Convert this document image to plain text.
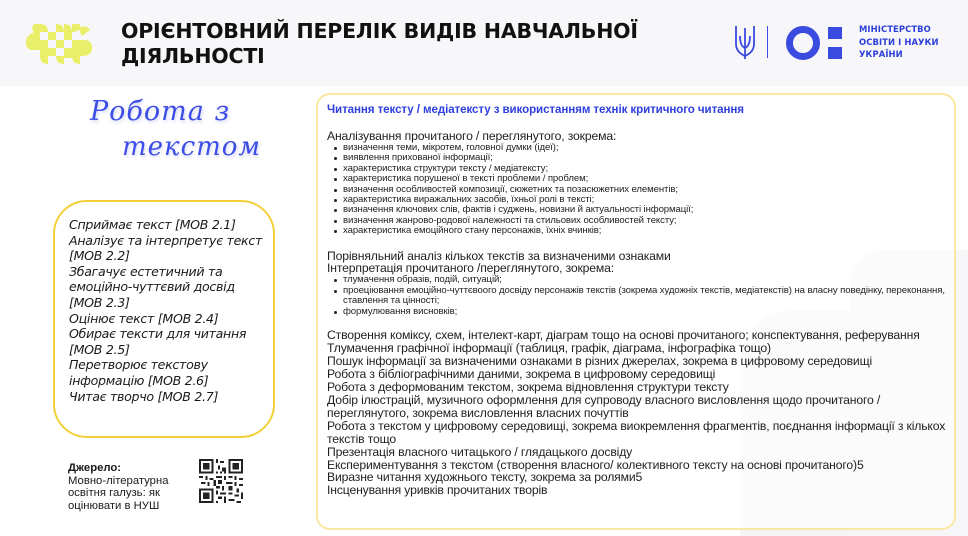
ОРІЄНТОВНИЙ ПЕРЕЛІК ВИДІВ НАВЧАЛЬНОЇ ДІЯЛЬНОСТІ
МІНІСТЕРСТВО
ОСВІТИ І НАУКИ
УКРАЇНИ
Робота з
текстом
Сприймає текст [МОВ 2.1]
Аналізує та інтерпретує текст [МОВ 2.2]
Збагачує естетичний та емоційно-чуттєвий досвід [МОВ 2.3]
Оцінює текст [МОВ 2.4]
Обирає тексти для читання [МОВ 2.5]
Перетворює текстову інформацію [МОВ 2.6]
Читає творчо [МОВ 2.7]
Джерело:
Мовно-літературна освітня галузь: як оцінювати в НУШ
Читання тексту / медіатексту з використанням технік критичного читання
Аналізування прочитаного / переглянутого, зокрема:
визначення теми, мікротем, головної думки (ідеї);
виявлення прихованої інформації;
характеристика структури тексту / медіатексту;
характеристика порушеної в тексті проблеми / проблем;
визначення особливостей композиції, сюжетних та позасюжетних елементів;
характеристика виражальних засобів, їхньої ролі в тексті;
визначення ключових слів, фактів і суджень, новизни й актуальності інформації;
визначення жанрово-родової належності та стильових особливостей тексту;
характеристика емоційного стану персонажів, їхніх вчинків;
Порівняльний аналіз кількох текстів за визначеними ознаками
Інтерпретація прочитаного /переглянутого, зокрема:
тлумачення образів, подій, ситуацій;
проеціювання емоційно-чуттєвоого досвіду персонажів текстів (зокрема художніх текстів, медіатекстів) на власну поведінку, переконання, ставлення та цінності;
формулювання висновків;
Створення коміксу, схем, інтелект-карт, діаграм тощо на основі прочитаного; конспектування, реферування
Тлумачення графічної інформації (таблиця, графік, діаграма, інфографіка тощо)
Пошук інформації за визначеними ознаками в різних джерелах, зокрема в цифровому середовищі
Робота з бібліографічними даними, зокрема в цифровому середовищі
Робота з деформованим текстом, зокрема відновлення структури тексту
Добір ілюстрацій, музичного оформлення для супроводу власного висловлення щодо прочитаного / переглянутого, зокрема висловлення власних почуттів
Робота з текстом у цифровому середовищі, зокрема виокремлення фрагментів, поєднання інформації з кількох текстів тощо
Презентація власного читацького / глядацького досвіду
Експериментування з текстом (створення власного/ колективного тексту на основі прочитаного)5
Виразне читання художнього тексту, зокрема за ролями5
Інсценування уривків прочитаних творів
